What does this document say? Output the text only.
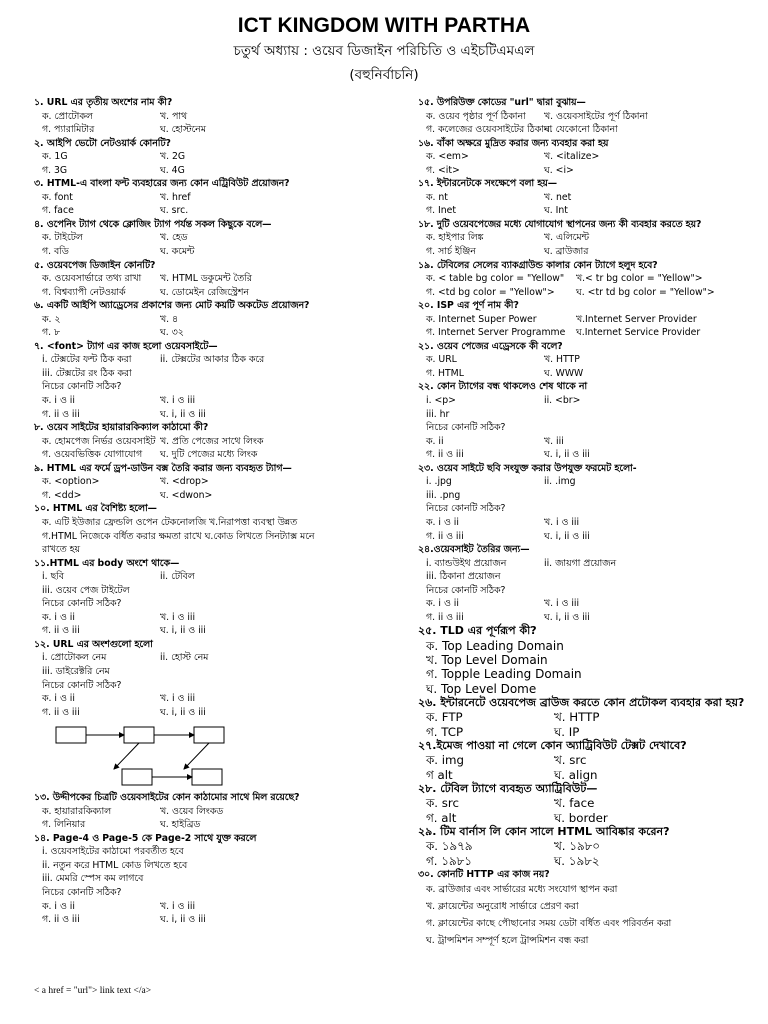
ICT KINGDOM WITH PARTHA
চতুর্থ অধ্যায় : ওয়েব ডিজাইন পরিচিতি ও এইচটিএমএল
(বহুনির্বাচনি)
১. URL এর তৃতীয় অংশের নাম কী?
ক. প্রোটোকল	খ. পাথ
গ. প্যারামিটার	ঘ. হোস্টনেম
২. আইপি ভেটো নেটওয়ার্ক কোনটি?
ক. 1G	খ. 2G
গ. 3G	ঘ. 4G
৩. HTML-এ বাংলা ফন্ট ব্যবহারের জন্য কোন এট্রিবিউট প্রয়োজন?
ক. font	খ. href
গ. face	ঘ. src.
৪. ওপেনিং ট্যাগ থেকে ক্লোজিং ট্যাগ পর্যন্ত সকল কিছুকে বলে—
ক. টাইটেল	খ. হেড
গ. বডি	ঘ. কমেন্ট
৫. ওয়েবপেজ ডিজাইন কোনটি?
ক. ওয়েবসার্ভারে তথ্য রাখা	খ. HTML ডকুমেন্ট তৈরি
গ. বিশ্বব্যাপী নেটওয়ার্ক	ঘ. ডোমেইন রেজিস্ট্রেশন
৬. একটি আইপি অ্যাড্রেসের প্রকাশের জন্য মোট কয়টি অকটেড প্রয়োজন?
ক. ২	খ. ৪
গ. ৮	ঘ. ৩২
৭. <font> ট্যাগ এর কাজ হলো ওয়েবসাইটে—
i. টেক্সটের ফন্ট ঠিক করা	ii. টেক্সটের আকার ঠিক করে
iii. টেক্সটের রং ঠিক করা
নিচের কোনটি সঠিক?
ক. i ও ii	খ. i ও iii
গ. ii ও iii	ঘ. i, ii ও iii
৮. ওয়েব সাইটের হায়ারারকিক্যাল কাঠামো কী?
ক. হোমপেজ নির্ভর ওয়েবসাইট খ. প্রতি পেজের সাথে লিংক
গ. ওয়েবভিত্তিক যোগাযোগ	ঘ. দুটি পেজের মধ্যে লিংক
৯. HTML এর ফর্মে ড্রপ-ডাউন বক্স তৈরি করার জন্য ব্যবহৃত ট্যাগ—
ক. <option>	খ. <drop>
গ. <dd>	ঘ. <dwon>
১০. HTML এর বৈশিষ্ট্য হলো—
ক. এটি ইউজার ফ্রেন্ডলি ওপেন টেকনোলজি খ.নিরাপত্তা ব্যবস্থা উন্নত
গ.HTML নিজেকে বর্ধিত করার ক্ষমতা রাখে ঘ.কোড লিখতে সিনট্যাক্স মনে
রাখতে হয়
১১.HTML এর body অংশে থাকে—
i. ছবি	ii. টেবিল
iii. ওয়েব পেজ টাইটেল
নিচের কোনটি সঠিক?
ক. i ও ii	খ. i ও iii
গ. ii ও iii	ঘ. i, ii ও iii
১২. URL এর অংশগুলো হলো
i. প্রোটোকল নেম	ii. হোস্ট নেম
iii. ডাইরেক্টরি নেম
নিচের কোনটি সঠিক?
ক. i ও ii	খ. i ও iii
গ. ii ও iii	ঘ. i, ii ও iii
১৩. উদ্দীপকের চিত্রটি ওয়েবসাইটের কোন কাঠামোর সাথে মিল রয়েছে?
ক. হায়ারারকিক্যাল	খ. ওয়েব লিংকড
গ. লিনিয়ার	ঘ. হাইব্রিড
১৪. Page-4 ও Page-5 কে Page-2 সাথে যুক্ত করলে
i. ওয়েবসাইটের কাঠামো পরবর্তীত হবে
ii. নতুন করে HTML কোড লিখতে হবে
iii. মেমরি স্পেস কম লাগবে
নিচের কোনটি সঠিক?
ক. i ও ii	খ. i ও iii
গ. ii ও iii	ঘ. i, ii ও iii
১৫. উপরিউক্ত কোডের "url" দ্বারা বুঝায়—
ক. ওয়েব পৃষ্ঠার পূর্ণ ঠিকানা	খ. ওয়েবসাইটের পূর্ণ ঠিকানা
গ. কলেজের ওয়েবসাইটের ঠিকানা
ঘ. যেকোনো ঠিকানা
১৬. বাঁকা অক্ষরে মুদ্রিত করার জন্য ব্যবহার করা হয়
ক. <em>	খ. <italize>
গ. <it>	ঘ. <i>
১৭. ইন্টারনেটকে সংক্ষেপে বলা হয়—
ক. nt	খ. net
গ. Inet	ঘ. Int
১৮. দুটি ওয়েবপেজের মধ্যে যোগাযোগ স্থাপনের জন্য কী ব্যবহার করতে হয়?
ক. হাইপার লিঙ্ক	খ. এলিমেন্ট
গ. সার্চ ইঞ্জিন	ঘ. ব্রাউজার
১৯. টেবিলের সেলের ব্যাকগ্রাউন্ড কালার কোন ট্যাগে হলুদ হবে?
ক. < table bg color = "Yellow"	খ.< tr bg color = "Yellow">
গ. <td bg color = "Yellow">	ঘ. <tr td bg color = "Yellow">
২০. ISP এর পূর্ণ নাম কী?
ক. Internet Super Power	খ.Internet Server Provider
গ. Internet Server Programme	ঘ.Internet Service Provider
২১. ওয়েব পেজের এড্রেসকে কী বলে?
ক. URL	খ. HTTP
গ. HTML	ঘ. WWW
২২. কোন ট্যাগের বন্ধ থাকলেও শেষ থাকে না
i. <p>	ii. <br>
iii. hr
নিচের কোনটি সঠিক?
ক. ii	খ. iii
গ. ii ও iii	ঘ. i, ii ও iii
২৩. ওয়েব সাইটে ছবি সংযুক্ত করার উপযুক্ত ফরমেট হলো-
i. .jpg	ii. .img
iii. .png
নিচের কোনটি সঠিক?
ক. i ও ii	খ. i ও iii
গ. ii ও iii	ঘ. i, ii ও iii
২৪.ওয়েবসাইট তৈরির জন্য—
i. ব্যান্ডউইথ প্রয়োজন	ii. জায়গা প্রয়োজন
iii. ঠিকানা প্রয়োজন
নিচের কোনটি সঠিক?
ক. i ও ii	খ. i ও iii
গ. ii ও iii	ঘ. i, ii ও iii
২৫. TLD এর পূর্ণরূপ কী?
ক. Top Leading Domain
খ. Top Level Domain
গ. Topple Leading Domain
ঘ. Top Level Dome
২৬. ইন্টারনেটে ওয়েবপেজ ব্রাউজ করতে কোন প্রটোকল ব্যবহার করা হয়?
ক. FTP	খ. HTTP
গ. TCP	ঘ. IP
২৭.ইমেজ পাওয়া না গেলে কোন অ্যাট্রিবিউট টেক্সট দেখাবে?
ক. img	খ. src
গ alt	ঘ. align
২৮. টেবিল ট্যাগে ব্যবহৃত অ্যাট্রিবিউট—
ক. src	খ. face
গ. alt	ঘ. border
২৯. টিম বার্নাস লি কোন সালে HTML আবিষ্কার করেন?
ক. ১৯৭৯	খ. ১৯৮০
গ. ১৯৮১	ঘ. ১৯৮২
৩০. কোনটি HTTP এর কাজ নয়?
ক. ব্রাউজার এবং সার্ভারের মধ্যে সংযোগ স্থাপন করা
খ. ক্লায়েন্টের অনুরোধ সার্ভারে প্রেরণ করা
গ. ক্লায়েন্টের কাছে পৌছানোর সময় ডেটা বর্ধিত এবং পরিবর্তন করা
ঘ. ট্রান্সমিশন সম্পূর্ণ হলে ট্রান্সমিশন বন্ধ করা
< a href = "url"> link text </a>
